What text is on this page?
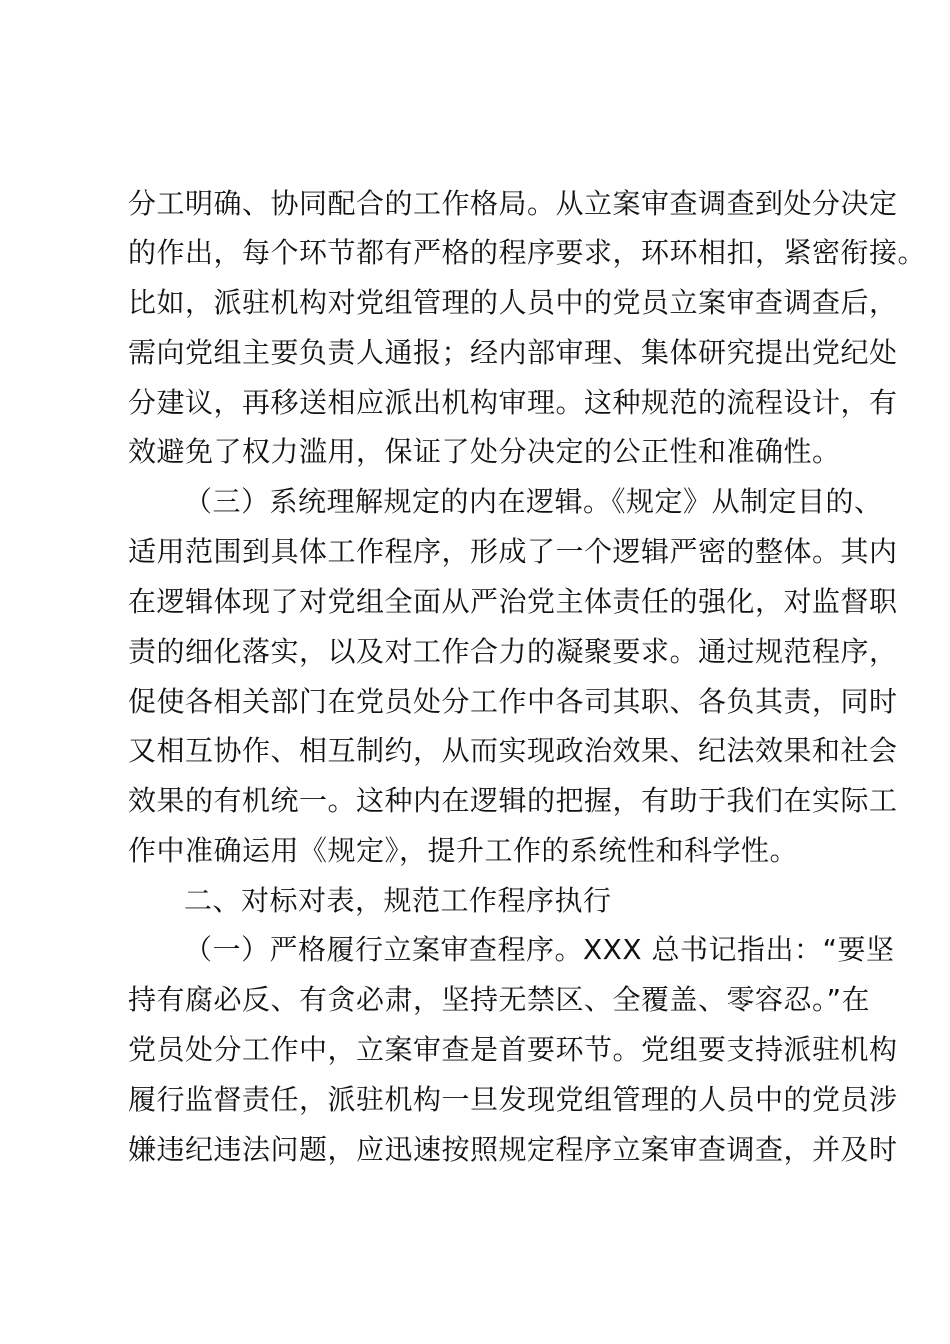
分工明确、协同配合的工作格局。从立案审查调查到处分决定
的作出，每个环节都有严格的程序要求，环环相扣，紧密衔接。
比如，派驻机构对党组管理的人员中的党员立案审查调查后，
需向党组主要负责人通报；经内部审理、集体研究提出党纪处
分建议，再移送相应派出机构审理。这种规范的流程设计，有
效避免了权力滥用，保证了处分决定的公正性和准确性。
（三）系统理解规定的内在逻辑。《规定》从制定目的、
适用范围到具体工作程序，形成了一个逻辑严密的整体。其内
在逻辑体现了对党组全面从严治党主体责任的强化，对监督职
责的细化落实，以及对工作合力的凝聚要求。通过规范程序，
促使各相关部门在党员处分工作中各司其职、各负其责，同时
又相互协作、相互制约，从而实现政治效果、纪法效果和社会
效果的有机统一。这种内在逻辑的把握，有助于我们在实际工
作中准确运用《规定》，提升工作的系统性和科学性。
二、对标对表，规范工作程序执行
（一）严格履行立案审查程序。XXX 总书记指出：“要坚
持有腐必反、有贪必肃，坚持无禁区、全覆盖、零容忍。”在
党员处分工作中，立案审查是首要环节。党组要支持派驻机构
履行监督责任，派驻机构一旦发现党组管理的人员中的党员涉
嫌违纪违法问题，应迅速按照规定程序立案审查调查，并及时
